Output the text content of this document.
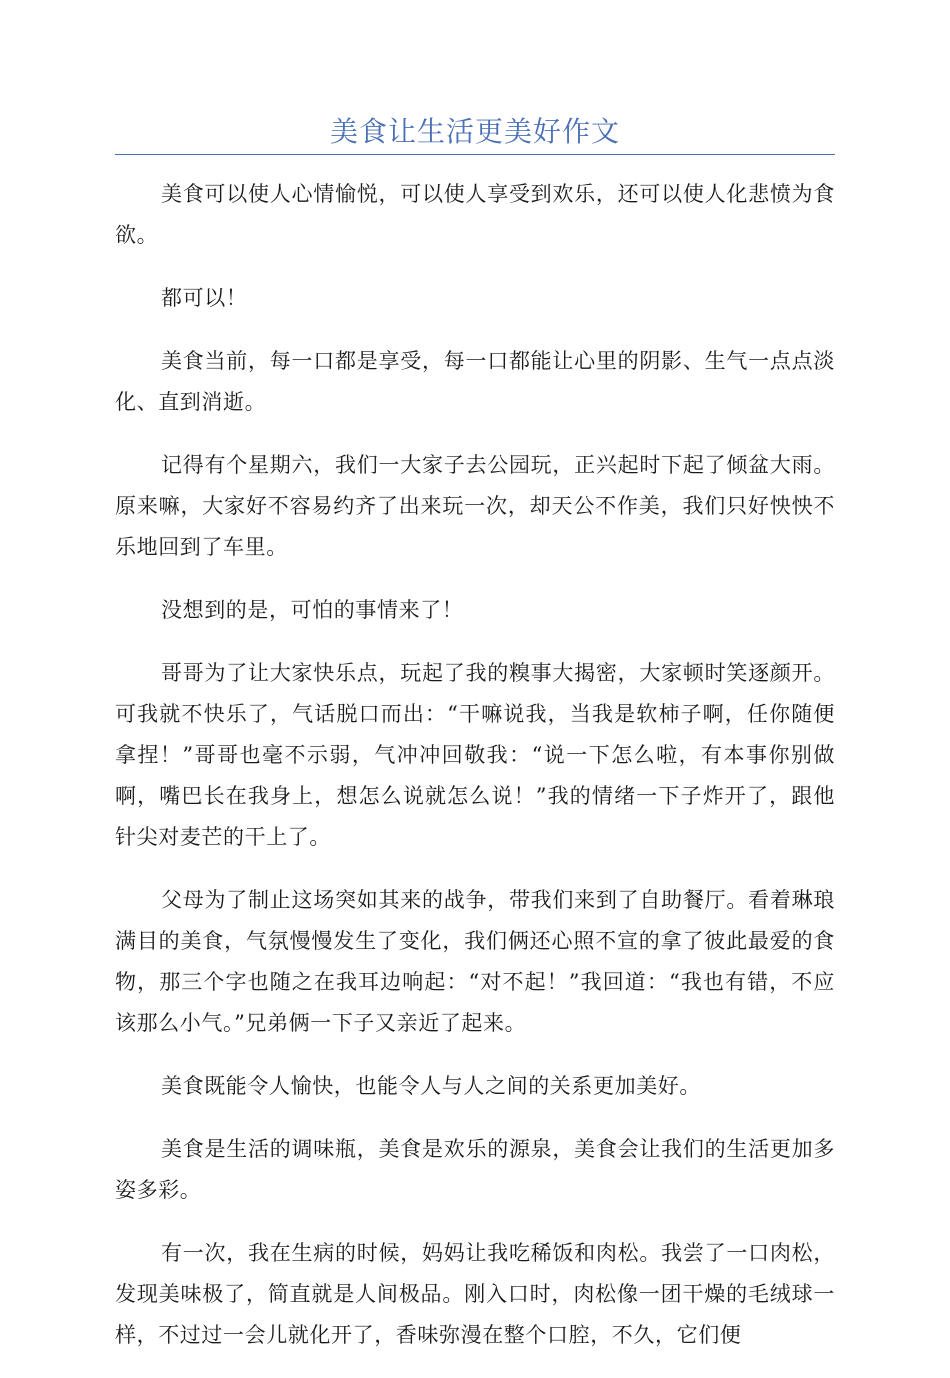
美食让生活更美好作文

美食可以使人心情愉悦，可以使人享受到欢乐，还可以使人化悲愤为食欲。

都可以！

美食当前，每一口都是享受，每一口都能让心里的阴影、生气一点点淡化、直到消逝。

记得有个星期六，我们一大家子去公园玩，正兴起时下起了倾盆大雨。原来嘛，大家好不容易约齐了出来玩一次，却天公不作美，我们只好怏怏不乐地回到了车里。

没想到的是，可怕的事情来了！

哥哥为了让大家快乐点，玩起了我的糗事大揭密，大家顿时笑逐颜开。可我就不快乐了，气话脱口而出：“干嘛说我，当我是软柿子啊，任你随便拿捏！”哥哥也毫不示弱，气冲冲回敬我：“说一下怎么啦，有本事你别做啊，嘴巴长在我身上，想怎么说就怎么说！”我的情绪一下子炸开了，跟他针尖对麦芒的干上了。

父母为了制止这场突如其来的战争，带我们来到了自助餐厅。看着琳琅满目的美食，气氛慢慢发生了变化，我们俩还心照不宣的拿了彼此最爱的食物，那三个字也随之在我耳边响起：“对不起！”我回道：“我也有错，不应该那么小气。”兄弟俩一下子又亲近了起来。

美食既能令人愉快，也能令人与人之间的关系更加美好。

美食是生活的调味瓶，美食是欢乐的源泉，美食会让我们的生活更加多姿多彩。

有一次，我在生病的时候，妈妈让我吃稀饭和肉松。我尝了一口肉松，发现美味极了，简直就是人间极品。刚入口时，肉松像一团干燥的毛绒球一样，不过过一会儿就化开了，香味弥漫在整个口腔，不久，它们便
